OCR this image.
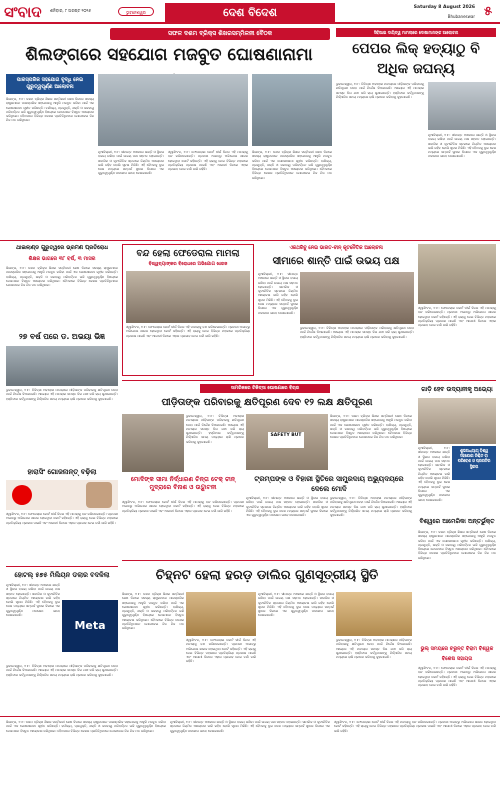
ସଂବାଦ	ଶନିବାର, ୮ ଅଗଷ୍ଟ ୨୦୨୬	ଭୁବନେଶ୍ୱର	ଦେଶ ବିଦେଶ	Saturday 8 August 2026
Bhubaneswar ୫
ସଫଳ ଦଶମ ବ୍ରିକ୍ସ ଶିଖରସମ୍ମିଳନୀ ବୈଠକ
ଶିଲଙ୍ଗରେ ସହଯୋଗ ମଜବୁତ ଘୋଷଣାନାମା
ପାରସ୍ପରିକ ସହଯୋଗ ବୃଦ୍ଧି ନେଇ ଗୁରୁତ୍ୱପୂର୍ଣ୍ଣ ଆଲୋଚନା
ଶିଲଙ୍ଗ, ୭।୮: ଦଶମ ବ୍ରିକ୍ସ ଶିଖର ସମ୍ମିଳନୀ ଶେଷ ଦିନରେ ସଦସ୍ୟ ରାଷ୍ଟ୍ରମାନେ ପାରସ୍ପରିକ ସହଯୋଗକୁ ଆହୁରି ମଜବୁତ କରିବା ପାଇଁ ଏକ ଘୋଷଣାନାମା ଗୃହୀତ କରିଛନ୍ତି। ବାଣିଜ୍ୟ, ପ୍ରଯୁକ୍ତି, ଶକ୍ତି ଓ ଜଳବାୟୁ ପରିବର୍ତ୍ତନ ଭଳି ଗୁରୁତ୍ୱପୂର୍ଣ୍ଣ ବିଷୟରେ ନେତାମାନେ ବିସ୍ତୃତ ଆଲୋଚନା କରିଥିଲେ। ବୈଠକରେ ବିଭିନ୍ନ ଦେଶର ପ୍ରତିନିଧିମାନେ ଯୋଗଦେଇ ନିଜ ନିଜ ମତ ରଖିଥିଲେ।
ନୂଆଦିଲ୍ଲୀ, ୭।୮: ସୀମାନ୍ତ ଅଞ୍ଚଳରେ ଶାନ୍ତି ଓ ସ୍ଥିରତା ବଜାୟ ରଖିବା ପାଇଁ ଉଭୟ ପକ୍ଷ ସହମତ ହୋଇଛନ୍ତି। ସାମରିକ ଓ କୂଟନୈତିକ ସ୍ତରରେ ନିୟମିତ ଆଲୋଚନା ଜାରି ରହିବ ବୋଲି ସୂଚନା ମିଳିଛି। ଏହି ବୈଠକକୁ ଦୁଇ ଦେଶ ମଧ୍ୟରେ ସମ୍ପର୍କ ସୁଧାର ଦିଗରେ ଏକ ଗୁରୁତ୍ୱପୂର୍ଣ୍ଣ ପଦକ୍ଷେପ ଭାବେ ଦେଖାଯାଉଛି।
ଓ୍ୱାଶିଂଟନ, ୭।୮: ଫେଡେରାଲ କୋର୍ଟ ଦୀର୍ଘ ଦିନର ଏହି ମାମଲାକୁ ବନ୍ଦ କରିଦେଇଛନ୍ତି। ପ୍ରମାଣ ଅଭାବରୁ ଅଭିଯୋଗ ଖାରଜ ହୋଇଥିବା କୋର୍ଟ କହିଛନ୍ତି। ଏହି ରାୟକୁ ନେଇ ବିଭିନ୍ନ ମହଲରେ ପ୍ରତିକ୍ରିୟା ପ୍ରକାଶ ପାଇଛି ଏବଂ ଆଗାମୀ ଦିନରେ ଏହାର ପ୍ରଭାବ ନେଇ ଚର୍ଚ୍ଚା ଜାରି ରହିଛି।
ଶିଲଙ୍ଗ, ୭।୮: ଦଶମ ବ୍ରିକ୍ସ ଶିଖର ସମ୍ମିଳନୀ ଶେଷ ଦିନରେ ସଦସ୍ୟ ରାଷ୍ଟ୍ରମାନେ ପାରସ୍ପରିକ ସହଯୋଗକୁ ଆହୁରି ମଜବୁତ କରିବା ପାଇଁ ଏକ ଘୋଷଣାନାମା ଗୃହୀତ କରିଛନ୍ତି। ବାଣିଜ୍ୟ, ପ୍ରଯୁକ୍ତି, ଶକ୍ତି ଓ ଜଳବାୟୁ ପରିବର୍ତ୍ତନ ଭଳି ଗୁରୁତ୍ୱପୂର୍ଣ୍ଣ ବିଷୟରେ ନେତାମାନେ ବିସ୍ତୃତ ଆଲୋଚନା କରିଥିଲେ। ବୈଠକରେ ବିଭିନ୍ନ ଦେଶର ପ୍ରତିନିଧିମାନେ ଯୋଗଦେଇ ନିଜ ନିଜ ମତ ରଖିଥିଲେ।
ସିବିଆଇ ଦାୟିତ୍ୱ ମାମଲାରେ ଦୋଷୀମାନଙ୍କ ଆଲୋଚନା
ପେପର ଲିକ୍ ହତ୍ୟାଠୁ ବି ଅଧିକ ଜଘନ୍ୟ
ଭୁବନେଶ୍ୱର, ୭।୮: ଚିକିତ୍ସା ଅବହେଳା ମାମଲାରେ ପୀଡ଼ିତାଙ୍କ ପରିବାରକୁ କ୍ଷତିପୂରଣ ଦେବା ପାଇଁ ନିର୍ଦ୍ଦେଶ ଦିଆଯାଇଛି। ଆୟୋଗ ଏହି ମାମଲାର ସମସ୍ତ ଦିଗ ଯାଞ୍ଚ କରି ରାୟ ଶୁଣାଇଛନ୍ତି। ହସ୍ପିଟାଲ କର୍ତ୍ତୃପକ୍ଷଙ୍କୁ ନିର୍ଦ୍ଧାରିତ ସମୟ ମଧ୍ୟରେ ରାଶି ପ୍ରଦାନ କରିବାକୁ କୁହାଯାଇଛି।
ନୂଆଦିଲ୍ଲୀ, ୭।୮: ସୀମାନ୍ତ ଅଞ୍ଚଳରେ ଶାନ୍ତି ଓ ସ୍ଥିରତା ବଜାୟ ରଖିବା ପାଇଁ ଉଭୟ ପକ୍ଷ ସହମତ ହୋଇଛନ୍ତି। ସାମରିକ ଓ କୂଟନୈତିକ ସ୍ତରରେ ନିୟମିତ ଆଲୋଚନା ଜାରି ରହିବ ବୋଲି ସୂଚନା ମିଳିଛି। ଏହି ବୈଠକକୁ ଦୁଇ ଦେଶ ମଧ୍ୟରେ ସମ୍ପର୍କ ସୁଧାର ଦିଗରେ ଏକ ଗୁରୁତ୍ୱପୂର୍ଣ୍ଣ ପଦକ୍ଷେପ ଭାବେ ଦେଖାଯାଉଛି।
ଥାଇଲାଣ୍ଡ ଗୁରୁତ୍ୱରେ ଭ୍ରମଣ ପ୍ରତିରୋଧ
ଶିକ୍ଷକ ଭାଗରେ ୩୮ ବର୍ଷ, ୩ ମାସର
ଶିଲଙ୍ଗ, ୭।୮: ଦଶମ ବ୍ରିକ୍ସ ଶିଖର ସମ୍ମିଳନୀ ଶେଷ ଦିନରେ ସଦସ୍ୟ ରାଷ୍ଟ୍ରମାନେ ପାରସ୍ପରିକ ସହଯୋଗକୁ ଆହୁରି ମଜବୁତ କରିବା ପାଇଁ ଏକ ଘୋଷଣାନାମା ଗୃହୀତ କରିଛନ୍ତି। ବାଣିଜ୍ୟ, ପ୍ରଯୁକ୍ତି, ଶକ୍ତି ଓ ଜଳବାୟୁ ପରିବର୍ତ୍ତନ ଭଳି ଗୁରୁତ୍ୱପୂର୍ଣ୍ଣ ବିଷୟରେ ନେତାମାନେ ବିସ୍ତୃତ ଆଲୋଚନା କରିଥିଲେ। ବୈଠକରେ ବିଭିନ୍ନ ଦେଶର ପ୍ରତିନିଧିମାନେ ଯୋଗଦେଇ ନିଜ ନିଜ ମତ ରଖିଥିଲେ।
ବନ୍ଦ ହେଲା ଫେଡେରାଲ ମାମଲା
ବିଶ୍ୱବ୍ୟାଙ୍କର ବିରୋଧରେ ଅଭିଯୋଗ ଖାରଜ
ଓ୍ୱାଶିଂଟନ, ୭।୮: ଫେଡେରାଲ କୋର୍ଟ ଦୀର୍ଘ ଦିନର ଏହି ମାମଲାକୁ ବନ୍ଦ କରିଦେଇଛନ୍ତି। ପ୍ରମାଣ ଅଭାବରୁ ଅଭିଯୋଗ ଖାରଜ ହୋଇଥିବା କୋର୍ଟ କହିଛନ୍ତି। ଏହି ରାୟକୁ ନେଇ ବିଭିନ୍ନ ମହଲରେ ପ୍ରତିକ୍ରିୟା ପ୍ରକାଶ ପାଇଛି ଏବଂ ଆଗାମୀ ଦିନରେ ଏହାର ପ୍ରଭାବ ନେଇ ଚର୍ଚ୍ଚା ଜାରି ରହିଛି।
ଏକଥରିବୁ ନେଇ ଭାରତ-ଚୀନ୍ କୂଟନୈତିକ ଆଲୋଚନା
ସୀମାରେ ଶାନ୍ତି ପାଇଁ ଉଭୟ ପକ୍ଷ
ନୂଆଦିଲ୍ଲୀ, ୭।୮: ସୀମାନ୍ତ ଅଞ୍ଚଳରେ ଶାନ୍ତି ଓ ସ୍ଥିରତା ବଜାୟ ରଖିବା ପାଇଁ ଉଭୟ ପକ୍ଷ ସହମତ ହୋଇଛନ୍ତି। ସାମରିକ ଓ କୂଟନୈତିକ ସ୍ତରରେ ନିୟମିତ ଆଲୋଚନା ଜାରି ରହିବ ବୋଲି ସୂଚନା ମିଳିଛି। ଏହି ବୈଠକକୁ ଦୁଇ ଦେଶ ମଧ୍ୟରେ ସମ୍ପର୍କ ସୁଧାର ଦିଗରେ ଏକ ଗୁରୁତ୍ୱପୂର୍ଣ୍ଣ ପଦକ୍ଷେପ ଭାବେ ଦେଖାଯାଉଛି।
ଭୁବନେଶ୍ୱର, ୭।୮: ଚିକିତ୍ସା ଅବହେଳା ମାମଲାରେ ପୀଡ଼ିତାଙ୍କ ପରିବାରକୁ କ୍ଷତିପୂରଣ ଦେବା ପାଇଁ ନିର୍ଦ୍ଦେଶ ଦିଆଯାଇଛି। ଆୟୋଗ ଏହି ମାମଲାର ସମସ୍ତ ଦିଗ ଯାଞ୍ଚ କରି ରାୟ ଶୁଣାଇଛନ୍ତି। ହସ୍ପିଟାଲ କର୍ତ୍ତୃପକ୍ଷଙ୍କୁ ନିର୍ଦ୍ଧାରିତ ସମୟ ମଧ୍ୟରେ ରାଶି ପ୍ରଦାନ କରିବାକୁ କୁହାଯାଇଛି।
ଓ୍ୱାଶିଂଟନ, ୭।୮: ଫେଡେରାଲ କୋର୍ଟ ଦୀର୍ଘ ଦିନର ଏହି ମାମଲାକୁ ବନ୍ଦ କରିଦେଇଛନ୍ତି। ପ୍ରମାଣ ଅଭାବରୁ ଅଭିଯୋଗ ଖାରଜ ହୋଇଥିବା କୋର୍ଟ କହିଛନ୍ତି। ଏହି ରାୟକୁ ନେଇ ବିଭିନ୍ନ ମହଲରେ ପ୍ରତିକ୍ରିୟା ପ୍ରକାଶ ପାଇଛି ଏବଂ ଆଗାମୀ ଦିନରେ ଏହାର ପ୍ରଭାବ ନେଇ ଚର୍ଚ୍ଚା ଜାରି ରହିଛି।
୨୭ ବର୍ଷ ପରେ ଡ. ଅଭୟା ଭିଜ୍ଞ
ଭୁବନେଶ୍ୱର, ୭।୮: ଚିକିତ୍ସା ଅବହେଳା ମାମଲାରେ ପୀଡ଼ିତାଙ୍କ ପରିବାରକୁ କ୍ଷତିପୂରଣ ଦେବା ପାଇଁ ନିର୍ଦ୍ଦେଶ ଦିଆଯାଇଛି। ଆୟୋଗ ଏହି ମାମଲାର ସମସ୍ତ ଦିଗ ଯାଞ୍ଚ କରି ରାୟ ଶୁଣାଇଛନ୍ତି। ହସ୍ପିଟାଲ କର୍ତ୍ତୃପକ୍ଷଙ୍କୁ ନିର୍ଦ୍ଧାରିତ ସମୟ ମଧ୍ୟରେ ରାଶି ପ୍ରଦାନ କରିବାକୁ କୁହାଯାଇଛି।
ସାମରିକରେ ଚିକିତ୍ସା ଘୋଷଣାରେ ବିଚାର
ପୀଡ଼ିତାଙ୍କ ପରିବାରକୁ କ୍ଷତିପୂରଣ ଦେବ ୧୨ ଲକ୍ଷ କ୍ଷତିପୂରଣ
ଭୁବନେଶ୍ୱର, ୭।୮: ଚିକିତ୍ସା ଅବହେଳା ମାମଲାରେ ପୀଡ଼ିତାଙ୍କ ପରିବାରକୁ କ୍ଷତିପୂରଣ ଦେବା ପାଇଁ ନିର୍ଦ୍ଦେଶ ଦିଆଯାଇଛି। ଆୟୋଗ ଏହି ମାମଲାର ସମସ୍ତ ଦିଗ ଯାଞ୍ଚ କରି ରାୟ ଶୁଣାଇଛନ୍ତି। ହସ୍ପିଟାଲ କର୍ତ୍ତୃପକ୍ଷଙ୍କୁ ନିର୍ଦ୍ଧାରିତ ସମୟ ମଧ୍ୟରେ ରାଶି ପ୍ରଦାନ କରିବାକୁ କୁହାଯାଇଛି।
SAFETY BUT
ଶିଲଙ୍ଗ, ୭।୮: ଦଶମ ବ୍ରିକ୍ସ ଶିଖର ସମ୍ମିଳନୀ ଶେଷ ଦିନରେ ସଦସ୍ୟ ରାଷ୍ଟ୍ରମାନେ ପାରସ୍ପରିକ ସହଯୋଗକୁ ଆହୁରି ମଜବୁତ କରିବା ପାଇଁ ଏକ ଘୋଷଣାନାମା ଗୃହୀତ କରିଛନ୍ତି। ବାଣିଜ୍ୟ, ପ୍ରଯୁକ୍ତି, ଶକ୍ତି ଓ ଜଳବାୟୁ ପରିବର୍ତ୍ତନ ଭଳି ଗୁରୁତ୍ୱପୂର୍ଣ୍ଣ ବିଷୟରେ ନେତାମାନେ ବିସ୍ତୃତ ଆଲୋଚନା କରିଥିଲେ। ବୈଠକରେ ବିଭିନ୍ନ ଦେଶର ପ୍ରତିନିଧିମାନେ ଯୋଗଦେଇ ନିଜ ନିଜ ମତ ରଖିଥିଲେ।
ଗାଡ଼ି ହେବ ଉଦ୍ୟାନୀକୃ ଅଭ୍ୟୋ
ଶୁଭଅଧ୍ୟାୟ ବିଶ୍ୱ ସହଯୋଗ ନିଶ୍ଚିତ ବା ପରିବେଶ ଓ ପ୍ରଗତିର ସ୍ଥିରତା
ନୂଆଦିଲ୍ଲୀ, ୭।୮: ସୀମାନ୍ତ ଅଞ୍ଚଳରେ ଶାନ୍ତି ଓ ସ୍ଥିରତା ବଜାୟ ରଖିବା ପାଇଁ ଉଭୟ ପକ୍ଷ ସହମତ ହୋଇଛନ୍ତି। ସାମରିକ ଓ କୂଟନୈତିକ ସ୍ତରରେ ନିୟମିତ ଆଲୋଚନା ଜାରି ରହିବ ବୋଲି ସୂଚନା ମିଳିଛି। ଏହି ବୈଠକକୁ ଦୁଇ ଦେଶ ମଧ୍ୟରେ ସମ୍ପର୍କ ସୁଧାର ଦିଗରେ ଏକ ଗୁରୁତ୍ୱପୂର୍ଣ୍ଣ ପଦକ୍ଷେପ ଭାବେ ଦେଖାଯାଉଛି।
ମୋଦିଙ୍କ ସୀମା ନିର୍ଦ୍ଧାରଣ ଚିନ୍ତା ଟେକ୍ ଚୀନ୍ ମୁଦ୍ରାରେ ବିନାଶ ଓ ଉଦ୍ଘାଟନୀ
ଓ୍ୱାଶିଂଟନ, ୭।୮: ଫେଡେରାଲ କୋର୍ଟ ଦୀର୍ଘ ଦିନର ଏହି ମାମଲାକୁ ବନ୍ଦ କରିଦେଇଛନ୍ତି। ପ୍ରମାଣ ଅଭାବରୁ ଅଭିଯୋଗ ଖାରଜ ହୋଇଥିବା କୋର୍ଟ କହିଛନ୍ତି। ଏହି ରାୟକୁ ନେଇ ବିଭିନ୍ନ ମହଲରେ ପ୍ରତିକ୍ରିୟା ପ୍ରକାଶ ପାଇଛି ଏବଂ ଆଗାମୀ ଦିନରେ ଏହାର ପ୍ରଭାବ ନେଇ ଚର୍ଚ୍ଚା ଜାରି ରହିଛି।
ଟ୍ରମ୍ପଙ୍କ ଓ ବିହାରୀ ସ୍ଥିତିରେ ସାମ୍ପ୍ରଦାୟ ଅଭ୍ୟୁଦୟରେ ଦେଲେ ମୋଦି
ନୂଆଦିଲ୍ଲୀ, ୭।୮: ସୀମାନ୍ତ ଅଞ୍ଚଳରେ ଶାନ୍ତି ଓ ସ୍ଥିରତା ବଜାୟ ରଖିବା ପାଇଁ ଉଭୟ ପକ୍ଷ ସହମତ ହୋଇଛନ୍ତି। ସାମରିକ ଓ କୂଟନୈତିକ ସ୍ତରରେ ନିୟମିତ ଆଲୋଚନା ଜାରି ରହିବ ବୋଲି ସୂଚନା ମିଳିଛି। ଏହି ବୈଠକକୁ ଦୁଇ ଦେଶ ମଧ୍ୟରେ ସମ୍ପର୍କ ସୁଧାର ଦିଗରେ ଏକ ଗୁରୁତ୍ୱପୂର୍ଣ୍ଣ ପଦକ୍ଷେପ ଭାବେ ଦେଖାଯାଉଛି।
ଭୁବନେଶ୍ୱର, ୭।୮: ଚିକିତ୍ସା ଅବହେଳା ମାମଲାରେ ପୀଡ଼ିତାଙ୍କ ପରିବାରକୁ କ୍ଷତିପୂରଣ ଦେବା ପାଇଁ ନିର୍ଦ୍ଦେଶ ଦିଆଯାଇଛି। ଆୟୋଗ ଏହି ମାମଲାର ସମସ୍ତ ଦିଗ ଯାଞ୍ଚ କରି ରାୟ ଶୁଣାଇଛନ୍ତି। ହସ୍ପିଟାଲ କର୍ତ୍ତୃପକ୍ଷଙ୍କୁ ନିର୍ଦ୍ଧାରିତ ସମୟ ମଧ୍ୟରେ ରାଶି ପ୍ରଦାନ କରିବାକୁ କୁହାଯାଇଛି।
ବିଶ୍ୱରେ ଆମେରିକା ଅନ୍ତର୍ଭୁକ୍ତ
ଶିଲଙ୍ଗ, ୭।୮: ଦଶମ ବ୍ରିକ୍ସ ଶିଖର ସମ୍ମିଳନୀ ଶେଷ ଦିନରେ ସଦସ୍ୟ ରାଷ୍ଟ୍ରମାନେ ପାରସ୍ପରିକ ସହଯୋଗକୁ ଆହୁରି ମଜବୁତ କରିବା ପାଇଁ ଏକ ଘୋଷଣାନାମା ଗୃହୀତ କରିଛନ୍ତି। ବାଣିଜ୍ୟ, ପ୍ରଯୁକ୍ତି, ଶକ୍ତି ଓ ଜଳବାୟୁ ପରିବର୍ତ୍ତନ ଭଳି ଗୁରୁତ୍ୱପୂର୍ଣ୍ଣ ବିଷୟରେ ନେତାମାନେ ବିସ୍ତୃତ ଆଲୋଚନା କରିଥିଲେ। ବୈଠକରେ ବିଭିନ୍ନ ଦେଶର ପ୍ରତିନିଧିମାନେ ଯୋଗଦେଇ ନିଜ ନିଜ ମତ ରଖିଥିଲେ।
ହାରାସିଂ ଗୋଜନାନ୍ତ୍ ବଢ଼ିଲା
ଓ୍ୱାଶିଂଟନ, ୭।୮: ଫେଡେରାଲ କୋର୍ଟ ଦୀର୍ଘ ଦିନର ଏହି ମାମଲାକୁ ବନ୍ଦ କରିଦେଇଛନ୍ତି। ପ୍ରମାଣ ଅଭାବରୁ ଅଭିଯୋଗ ଖାରଜ ହୋଇଥିବା କୋର୍ଟ କହିଛନ୍ତି। ଏହି ରାୟକୁ ନେଇ ବିଭିନ୍ନ ମହଲରେ ପ୍ରତିକ୍ରିୟା ପ୍ରକାଶ ପାଇଛି ଏବଂ ଆଗାମୀ ଦିନରେ ଏହାର ପ୍ରଭାବ ନେଇ ଚର୍ଚ୍ଚା ଜାରି ରହିଛି।
ହୋଟଲ୍ ୫୭୫ ମିଲିୟନ ଡଲାର ବଦଳିଲା
ନୂଆଦିଲ୍ଲୀ, ୭।୮: ସୀମାନ୍ତ ଅଞ୍ଚଳରେ ଶାନ୍ତି ଓ ସ୍ଥିରତା ବଜାୟ ରଖିବା ପାଇଁ ଉଭୟ ପକ୍ଷ ସହମତ ହୋଇଛନ୍ତି। ସାମରିକ ଓ କୂଟନୈତିକ ସ୍ତରରେ ନିୟମିତ ଆଲୋଚନା ଜାରି ରହିବ ବୋଲି ସୂଚନା ମିଳିଛି। ଏହି ବୈଠକକୁ ଦୁଇ ଦେଶ ମଧ୍ୟରେ ସମ୍ପର୍କ ସୁଧାର ଦିଗରେ ଏକ ଗୁରୁତ୍ୱପୂର୍ଣ୍ଣ ପଦକ୍ଷେପ ଭାବେ ଦେଖାଯାଉଛି।
Meta
ଚିହ୍ନଟ ହେଲା ହରଡ଼ ଡାଲିର ଗୁଣସୂତ୍ରୀୟ ସ୍ଥିତି
ଶିଲଙ୍ଗ, ୭।୮: ଦଶମ ବ୍ରିକ୍ସ ଶିଖର ସମ୍ମିଳନୀ ଶେଷ ଦିନରେ ସଦସ୍ୟ ରାଷ୍ଟ୍ରମାନେ ପାରସ୍ପରିକ ସହଯୋଗକୁ ଆହୁରି ମଜବୁତ କରିବା ପାଇଁ ଏକ ଘୋଷଣାନାମା ଗୃହୀତ କରିଛନ୍ତି। ବାଣିଜ୍ୟ, ପ୍ରଯୁକ୍ତି, ଶକ୍ତି ଓ ଜଳବାୟୁ ପରିବର୍ତ୍ତନ ଭଳି ଗୁରୁତ୍ୱପୂର୍ଣ୍ଣ ବିଷୟରେ ନେତାମାନେ ବିସ୍ତୃତ ଆଲୋଚନା କରିଥିଲେ। ବୈଠକରେ ବିଭିନ୍ନ ଦେଶର ପ୍ରତିନିଧିମାନେ ଯୋଗଦେଇ ନିଜ ନିଜ ମତ ରଖିଥିଲେ।
ଓ୍ୱାଶିଂଟନ, ୭।୮: ଫେଡେରାଲ କୋର୍ଟ ଦୀର୍ଘ ଦିନର ଏହି ମାମଲାକୁ ବନ୍ଦ କରିଦେଇଛନ୍ତି। ପ୍ରମାଣ ଅଭାବରୁ ଅଭିଯୋଗ ଖାରଜ ହୋଇଥିବା କୋର୍ଟ କହିଛନ୍ତି। ଏହି ରାୟକୁ ନେଇ ବିଭିନ୍ନ ମହଲରେ ପ୍ରତିକ୍ରିୟା ପ୍ରକାଶ ପାଇଛି ଏବଂ ଆଗାମୀ ଦିନରେ ଏହାର ପ୍ରଭାବ ନେଇ ଚର୍ଚ୍ଚା ଜାରି ରହିଛି।
ନୂଆଦିଲ୍ଲୀ, ୭।୮: ସୀମାନ୍ତ ଅଞ୍ଚଳରେ ଶାନ୍ତି ଓ ସ୍ଥିରତା ବଜାୟ ରଖିବା ପାଇଁ ଉଭୟ ପକ୍ଷ ସହମତ ହୋଇଛନ୍ତି। ସାମରିକ ଓ କୂଟନୈତିକ ସ୍ତରରେ ନିୟମିତ ଆଲୋଚନା ଜାରି ରହିବ ବୋଲି ସୂଚନା ମିଳିଛି। ଏହି ବୈଠକକୁ ଦୁଇ ଦେଶ ମଧ୍ୟରେ ସମ୍ପର୍କ ସୁଧାର ଦିଗରେ ଏକ ଗୁରୁତ୍ୱପୂର୍ଣ୍ଣ ପଦକ୍ଷେପ ଭାବେ ଦେଖାଯାଉଛି।
ଭୁବନେଶ୍ୱର, ୭।୮: ଚିକିତ୍ସା ଅବହେଳା ମାମଲାରେ ପୀଡ଼ିତାଙ୍କ ପରିବାରକୁ କ୍ଷତିପୂରଣ ଦେବା ପାଇଁ ନିର୍ଦ୍ଦେଶ ଦିଆଯାଇଛି। ଆୟୋଗ ଏହି ମାମଲାର ସମସ୍ତ ଦିଗ ଯାଞ୍ଚ କରି ରାୟ ଶୁଣାଇଛନ୍ତି। ହସ୍ପିଟାଲ କର୍ତ୍ତୃପକ୍ଷଙ୍କୁ ନିର୍ଦ୍ଧାରିତ ସମୟ ମଧ୍ୟରେ ରାଶି ପ୍ରଦାନ କରିବାକୁ କୁହାଯାଇଛି।
ଭୁଲ୍ ସମୟରେ ଚରୁନ୍ତ ବିରାମ ବିଶ୍ୱକ ବିଶେଷ ସହାୟତା
ଓ୍ୱାଶିଂଟନ, ୭।୮: ଫେଡେରାଲ କୋର୍ଟ ଦୀର୍ଘ ଦିନର ଏହି ମାମଲାକୁ ବନ୍ଦ କରିଦେଇଛନ୍ତି। ପ୍ରମାଣ ଅଭାବରୁ ଅଭିଯୋଗ ଖାରଜ ହୋଇଥିବା କୋର୍ଟ କହିଛନ୍ତି। ଏହି ରାୟକୁ ନେଇ ବିଭିନ୍ନ ମହଲରେ ପ୍ରତିକ୍ରିୟା ପ୍ରକାଶ ପାଇଛି ଏବଂ ଆଗାମୀ ଦିନରେ ଏହାର ପ୍ରଭାବ ନେଇ ଚର୍ଚ୍ଚା ଜାରି ରହିଛି।
ଭୁବନେଶ୍ୱର, ୭।୮: ଚିକିତ୍ସା ଅବହେଳା ମାମଲାରେ ପୀଡ଼ିତାଙ୍କ ପରିବାରକୁ କ୍ଷତିପୂରଣ ଦେବା ପାଇଁ ନିର୍ଦ୍ଦେଶ ଦିଆଯାଇଛି। ଆୟୋଗ ଏହି ମାମଲାର ସମସ୍ତ ଦିଗ ଯାଞ୍ଚ କରି ରାୟ ଶୁଣାଇଛନ୍ତି। ହସ୍ପିଟାଲ କର୍ତ୍ତୃପକ୍ଷଙ୍କୁ ନିର୍ଦ୍ଧାରିତ ସମୟ ମଧ୍ୟରେ ରାଶି ପ୍ରଦାନ କରିବାକୁ କୁହାଯାଇଛି।
ଶିଲଙ୍ଗ, ୭।୮: ଦଶମ ବ୍ରିକ୍ସ ଶିଖର ସମ୍ମିଳନୀ ଶେଷ ଦିନରେ ସଦସ୍ୟ ରାଷ୍ଟ୍ରମାନେ ପାରସ୍ପରିକ ସହଯୋଗକୁ ଆହୁରି ମଜବୁତ କରିବା ପାଇଁ ଏକ ଘୋଷଣାନାମା ଗୃହୀତ କରିଛନ୍ତି। ବାଣିଜ୍ୟ, ପ୍ରଯୁକ୍ତି, ଶକ୍ତି ଓ ଜଳବାୟୁ ପରିବର୍ତ୍ତନ ଭଳି ଗୁରୁତ୍ୱପୂର୍ଣ୍ଣ ବିଷୟରେ ନେତାମାନେ ବିସ୍ତୃତ ଆଲୋଚନା କରିଥିଲେ। ବୈଠକରେ ବିଭିନ୍ନ ଦେଶର ପ୍ରତିନିଧିମାନେ ଯୋଗଦେଇ ନିଜ ନିଜ ମତ ରଖିଥିଲେ।
ନୂଆଦିଲ୍ଲୀ, ୭।୮: ସୀମାନ୍ତ ଅଞ୍ଚଳରେ ଶାନ୍ତି ଓ ସ୍ଥିରତା ବଜାୟ ରଖିବା ପାଇଁ ଉଭୟ ପକ୍ଷ ସହମତ ହୋଇଛନ୍ତି। ସାମରିକ ଓ କୂଟନୈତିକ ସ୍ତରରେ ନିୟମିତ ଆଲୋଚନା ଜାରି ରହିବ ବୋଲି ସୂଚନା ମିଳିଛି। ଏହି ବୈଠକକୁ ଦୁଇ ଦେଶ ମଧ୍ୟରେ ସମ୍ପର୍କ ସୁଧାର ଦିଗରେ ଏକ ଗୁରୁତ୍ୱପୂର୍ଣ୍ଣ ପଦକ୍ଷେପ ଭାବେ ଦେଖାଯାଉଛି।
ଓ୍ୱାଶିଂଟନ, ୭।୮: ଫେଡେରାଲ କୋର୍ଟ ଦୀର୍ଘ ଦିନର ଏହି ମାମଲାକୁ ବନ୍ଦ କରିଦେଇଛନ୍ତି। ପ୍ରମାଣ ଅଭାବରୁ ଅଭିଯୋଗ ଖାରଜ ହୋଇଥିବା କୋର୍ଟ କହିଛନ୍ତି। ଏହି ରାୟକୁ ନେଇ ବିଭିନ୍ନ ମହଲରେ ପ୍ରତିକ୍ରିୟା ପ୍ରକାଶ ପାଇଛି ଏବଂ ଆଗାମୀ ଦିନରେ ଏହାର ପ୍ରଭାବ ନେଇ ଚର୍ଚ୍ଚା ଜାରି ରହିଛି।
